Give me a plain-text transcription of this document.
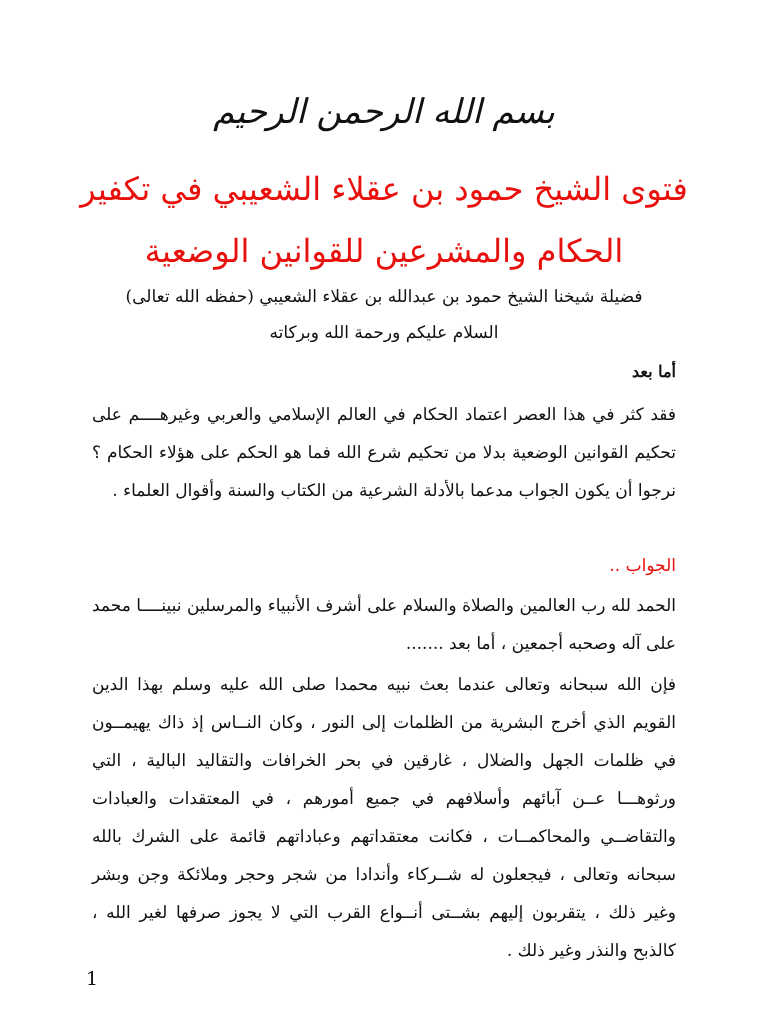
بسم الله الرحمن الرحيم
فتوى الشيخ حمود بن عقلاء الشعيبي في تكفير الحكام والمشرعين للقوانين الوضعية
فضيلة شيخنا الشيخ حمود بن عبدالله بن عقلاء الشعيبي (حفظه الله تعالى)
السلام عليكم ورحمة الله وبركاته
أما بعد
فقد كثر في هذا العصر اعتماد الحكام في العالم الإسلامي والعربي وغيرهــــم على تحكيم القوانين الوضعية بدلا من تحكيم شرع الله فما هو الحكم على هؤلاء الحكام ؟ نرجوا أن يكون الجواب مدعما بالأدلة الشرعية من الكتاب والسنة وأقوال العلماء .
الجواب ..
الحمد لله رب العالمين والصلاة والسلام على أشرف الأنبياء والمرسلين نبينــــا محمد على آله وصحبه أجمعين ، أما بعد .......
فإن الله سبحانه وتعالى عندما بعث نبيه محمدا صلى الله عليه وسلم بهذا الدين القويم الذي أخرج البشرية من الظلمات إلى النور ، وكان النــاس إذ ذاك يهيمــون في ظلمات الجهل والضلال ، غارقين في بحر الخرافات والتقاليد البالية ، التي ورثوهـــا عــن آبائهم وأسلافهم في جميع أمورهم ، في المعتقدات والعبادات والتقاضــي والمحاكمــات ، فكانت معتقداتهم وعباداتهم قائمة على الشرك بالله سبحانه وتعالى ، فيجعلون له شــركاء وأندادا من شجر وحجر وملائكة وجن وبشر وغير ذلك ، يتقربون إليهم بشــتى أنــواع القرب التي لا يجوز صرفها لغير الله ، كالذبح والنذر وغير ذلك .
1
